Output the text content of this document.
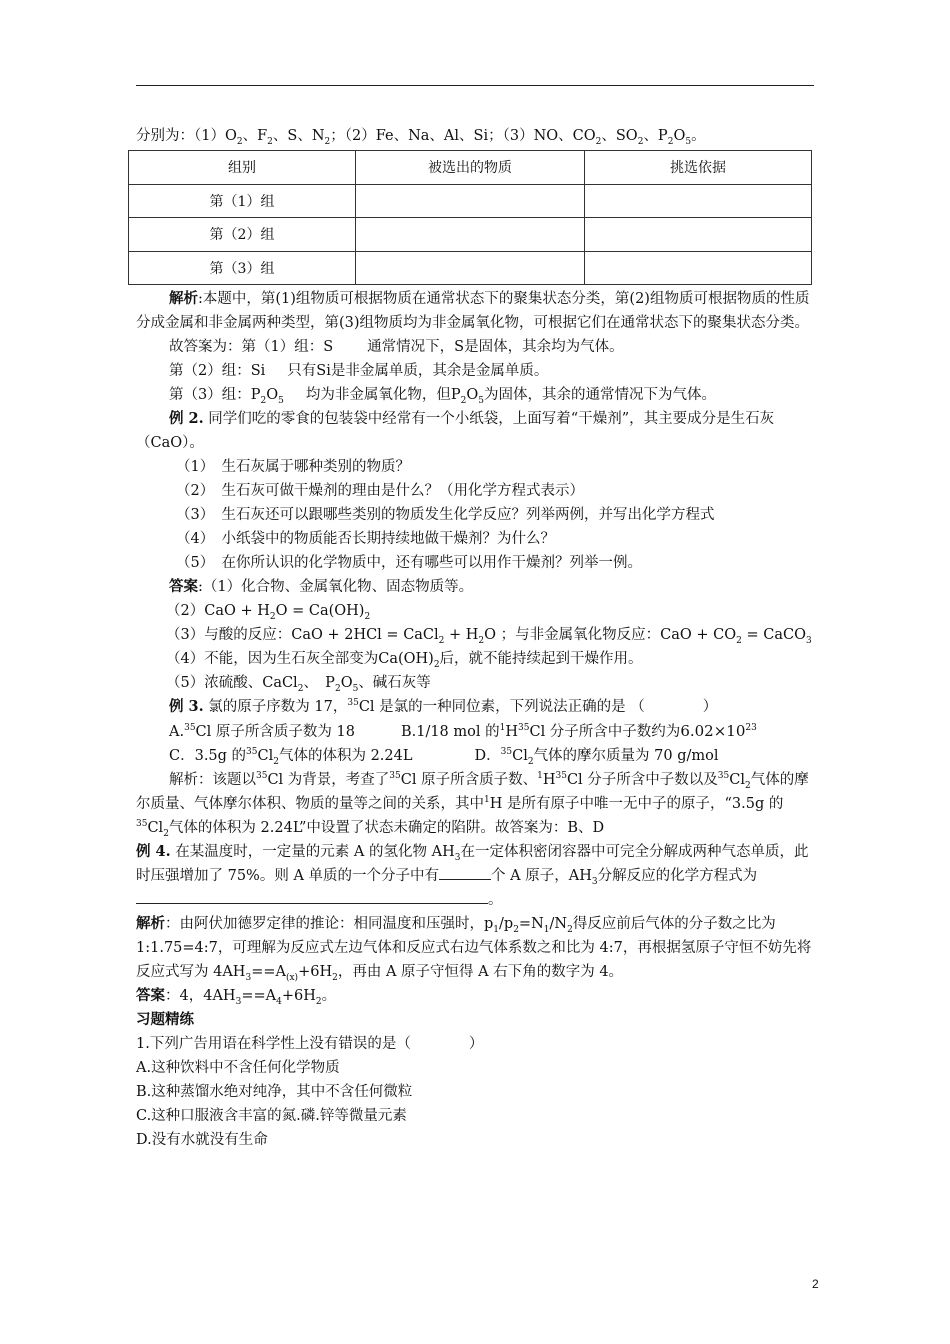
分别为：$(1)O_2$、$F_2$、S、$N_2$；（2）Fe、Na、Al、Si；（3）NO、$CO_2$、$SO_2$、$P_2O_5$。
组别	被选出的物质	挑选依据
第（1）组		
第（2）组		
第（3）组		
解析:本题中，第(1)组物质可根据物质在通常状态下的聚集状态分类，第(2)组物质可根据物质的性质分成金属和非金属两种类型，第(3)组物质均为非金属氧化物，可根据它们在通常状态下的聚集状态分类。
故答案为：第（1）组：S 通常情况下，S是固体，其余均为气体。
第（2）组：Si 只有Si是非金属单质，其余是金属单质。
第（3）组：$P_2O_5$ 均为非金属氧化物，但$P_2O_5$为固体，其余的通常情况下为气体。
例 2. 同学们吃的零食的包装袋中经常有一个小纸袋，上面写着“干燥剂”，其主要成分是生石灰（CaO）。
（1）　生石灰属于哪种类别的物质？
（2）　生石灰可做干燥剂的理由是什么？（用化学方程式表示）
（3）　生石灰还可以跟哪些类别的物质发生化学反应？列举两例，并写出化学方程式
（4）　小纸袋中的物质能否长期持续地做干燥剂？为什么？
（5）　在你所认识的化学物质中，还有哪些可以用作干燥剂？列举一例。
答案:（1）化合物、金属氧化物、固态物质等。
$(2)CaO + H_2O = Ca(OH)_2$
（3）与酸的反应：CaO + 2HCl = CaCl$_2$ + $H_2O$ ；与非金属氧化物反应：CaO + $CO_2$ = CaCO$_3$
（4）不能，因为生石灰全部变为$Ca(OH)_2$后，就不能持续起到干燥作用。
（5）浓硫酸、CaCl$_2$、　$P_2O_5$、碱石灰等
例 3. 氯的原子序数为 17，$^{35}$Cl 是氯的一种同位素，下列说法正确的是 （　　　　）
A.$^{35}$Cl 原子所含质子数为 18	B.1/18 mol 的$^1H^{35}Cl$ 分子所含中子数约为$6.02\times 10^{23}$
C．3.5g 的$^{35}Cl_2$气体的体积为 2.24L	D．$^{35}Cl_2$气体的摩尔质量为 70 g/mol
解析：该题以$^{35}$Cl 为背景，考查了$^{35}$Cl 原子所含质子数、$^1H^{35}Cl$ 分子所含中子数以及$^{35}Cl_2$气体的摩尔质量、气体摩尔体积、物质的量等之间的关系，其中$^1$H 是所有原子中唯一无中子的原子，“3.5g 的$^{35}Cl_2$气体的体积为 2.24L”中设置了状态未确定的陷阱。故答案为：B、D
例 4. 在某温度时，一定量的元素 A 的氢化物 $AH_3$在一定体积密闭容器中可完全分解成两种气态单质，此时压强增加了 75%。则 A 单质的一个分子中有	个 A 原子，$AH_3$分解反应的化学方程式为。
解析：由阿伏加德罗定律的推论：相同温度和压强时，$p_1/p_2=N_1/N_2$得反应前后气体的分子数之比为 1:1.75=4:7，可理解为反应式左边气体和反应式右边气体系数之和比为 4:7，再根据氢原子守恒不妨先将反应式写为 $4AH_3==A_{(x)}+6H_2$，再由 A 原子守恒得 A 右下角的数字为 4。
答案：4，$4AH_3==A_4+6H_2$。
习题精练
1.下列广告用语在科学性上没有错误的是（　　　　）
A.这种饮料中不含任何化学物质
B.这种蒸馏水绝对纯净，其中不含任何微粒
C.这种口服液含丰富的氮.磷.锌等微量元素
D.没有水就没有生命
2
